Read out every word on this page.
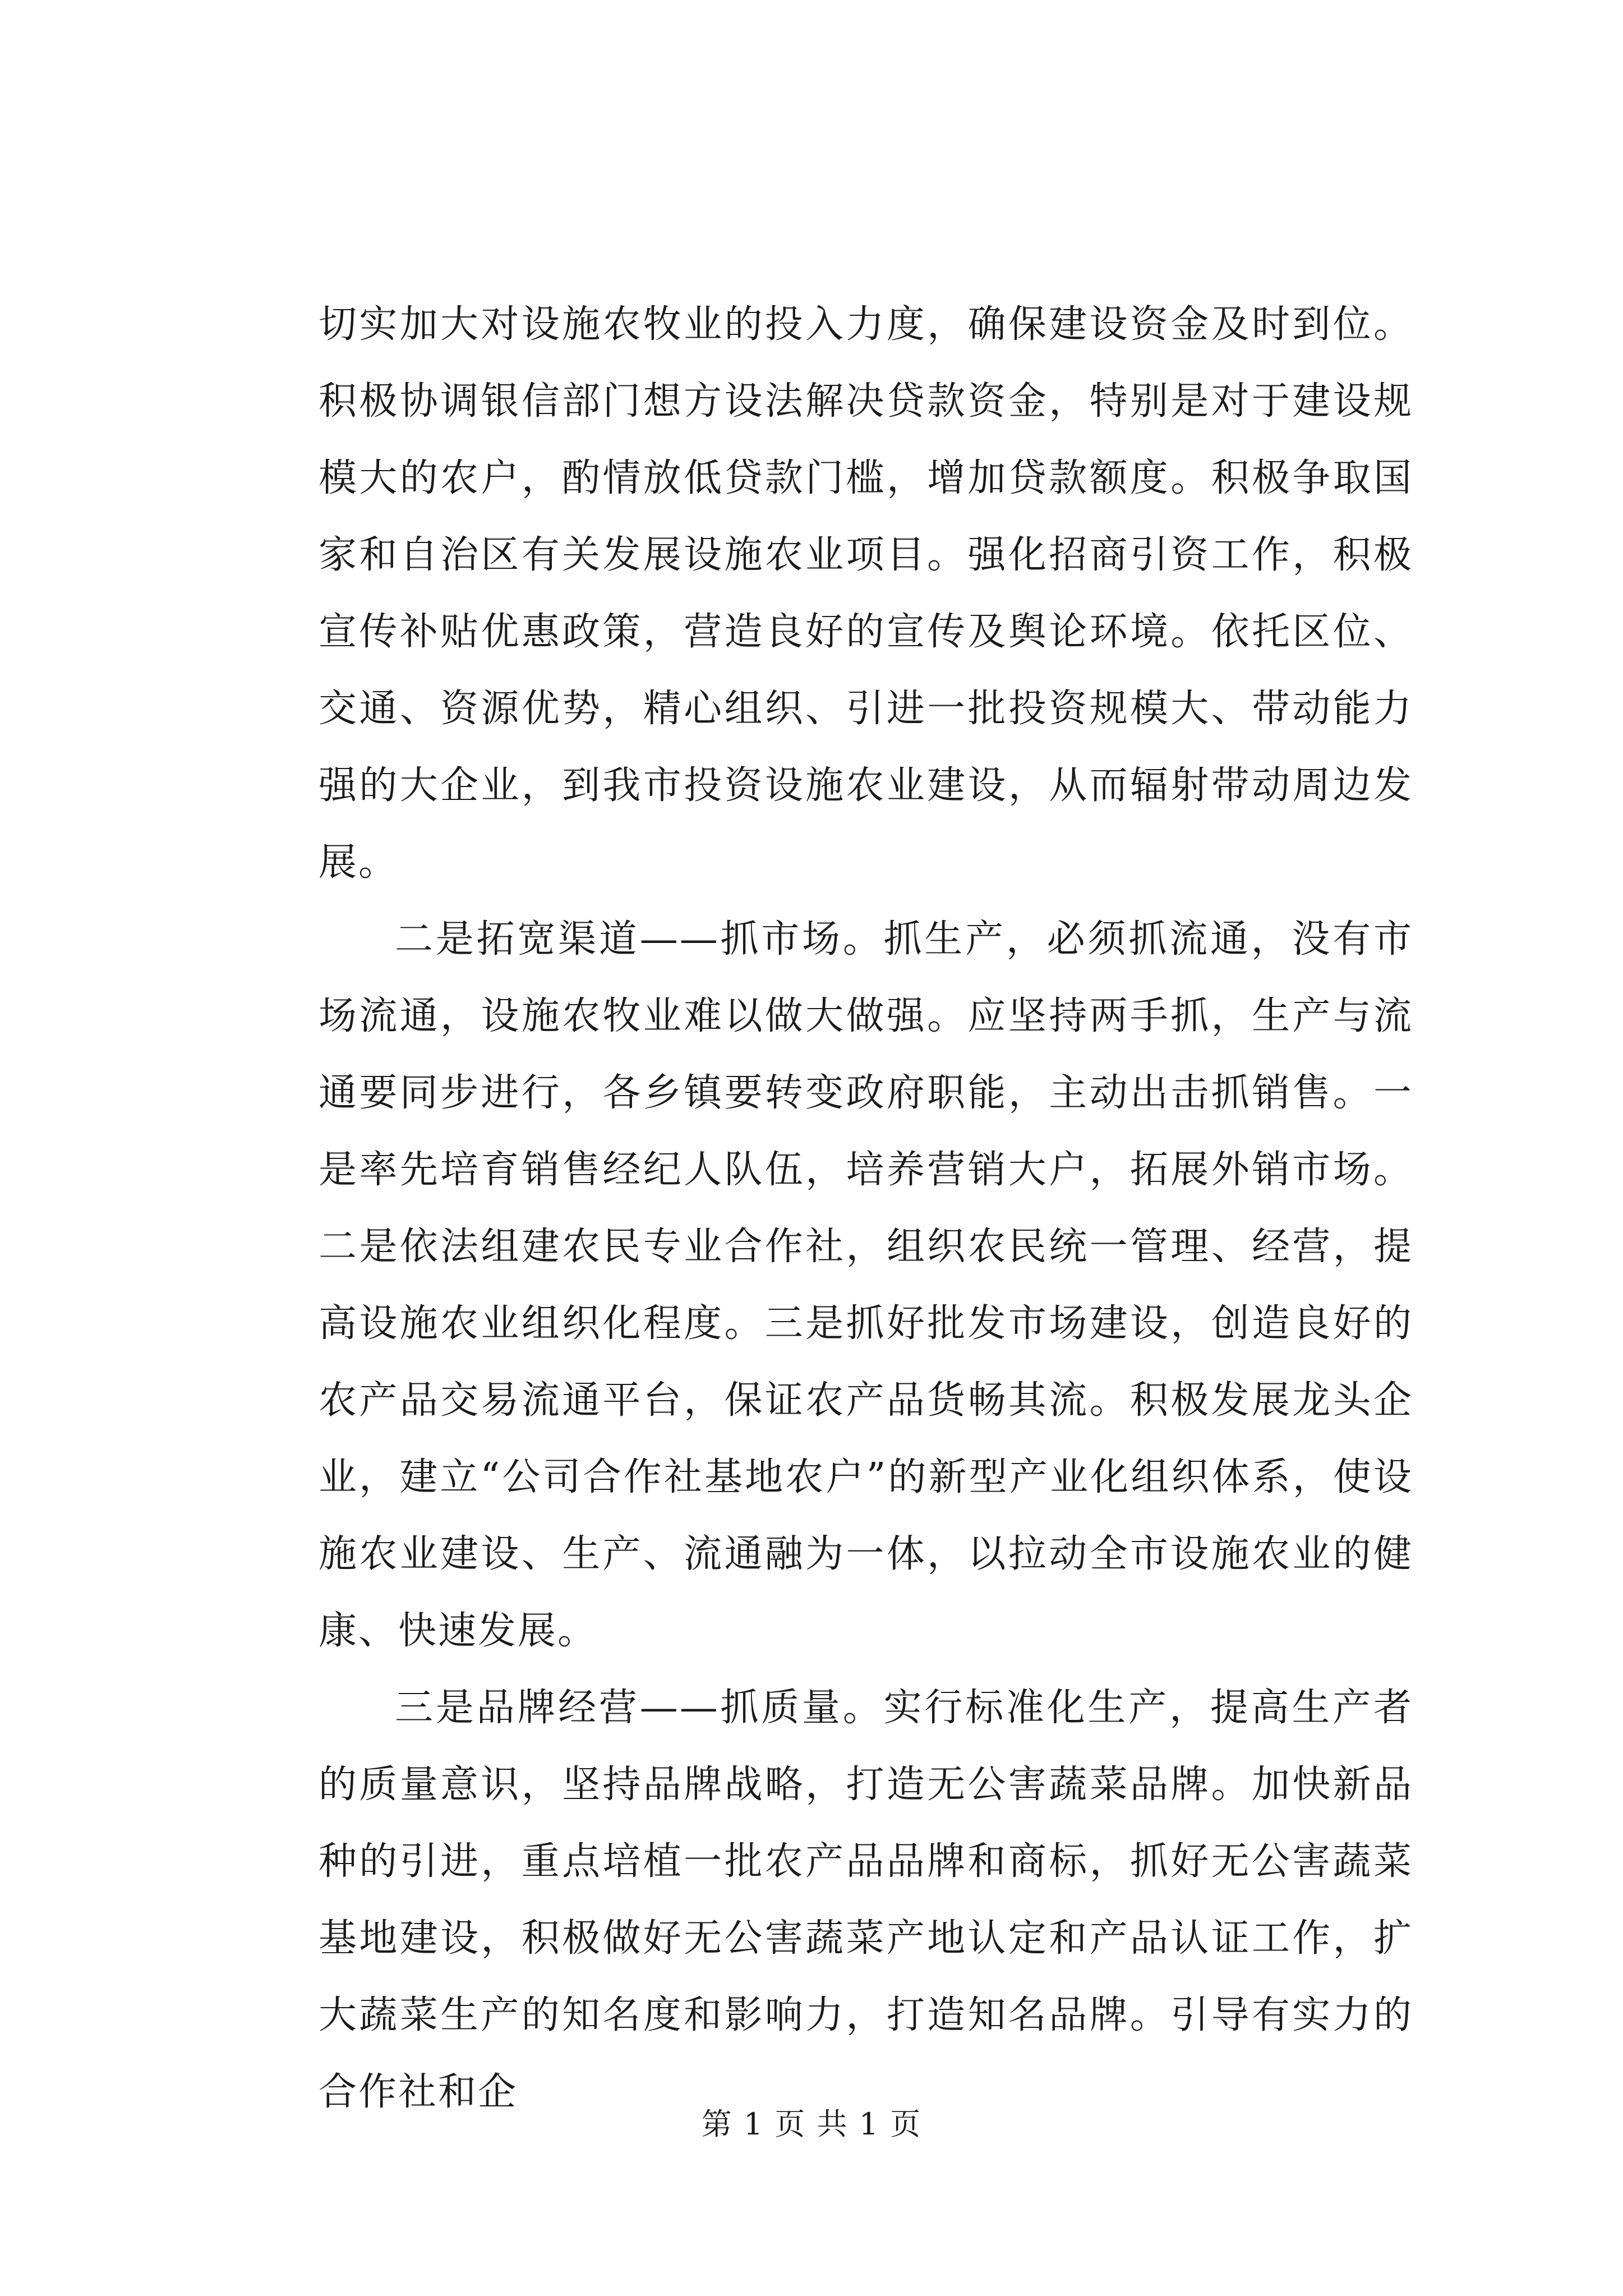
切实加大对设施农牧业的投入力度，确保建设资金及时到位。积极协调银信部门想方设法解决贷款资金，特别是对于建设规模大的农户，酌情放低贷款门槛，增加贷款额度。积极争取国家和自治区有关发展设施农业项目。强化招商引资工作，积极宣传补贴优惠政策，营造良好的宣传及舆论环境。依托区位、交通、资源优势，精心组织、引进一批投资规模大、带动能力强的大企业，到我市投资设施农业建设，从而辐射带动周边发展。

二是拓宽渠道——抓市场。抓生产，必须抓流通，没有市场流通，设施农牧业难以做大做强。应坚持两手抓，生产与流通要同步进行，各乡镇要转变政府职能，主动出击抓销售。一是率先培育销售经纪人队伍，培养营销大户，拓展外销市场。二是依法组建农民专业合作社，组织农民统一管理、经营，提高设施农业组织化程度。三是抓好批发市场建设，创造良好的农产品交易流通平台，保证农产品货畅其流。积极发展龙头企业，建立“公司合作社基地农户”的新型产业化组织体系，使设施农业建设、生产、流通融为一体，以拉动全市设施农业的健康、快速发展。

三是品牌经营——抓质量。实行标准化生产，提高生产者的质量意识，坚持品牌战略，打造无公害蔬菜品牌。加快新品种的引进，重点培植一批农产品品牌和商标，抓好无公害蔬菜基地建设，积极做好无公害蔬菜产地认定和产品认证工作，扩大蔬菜生产的知名度和影响力，打造知名品牌。引导有实力的合作社和企

第 1 页 共 1 页
